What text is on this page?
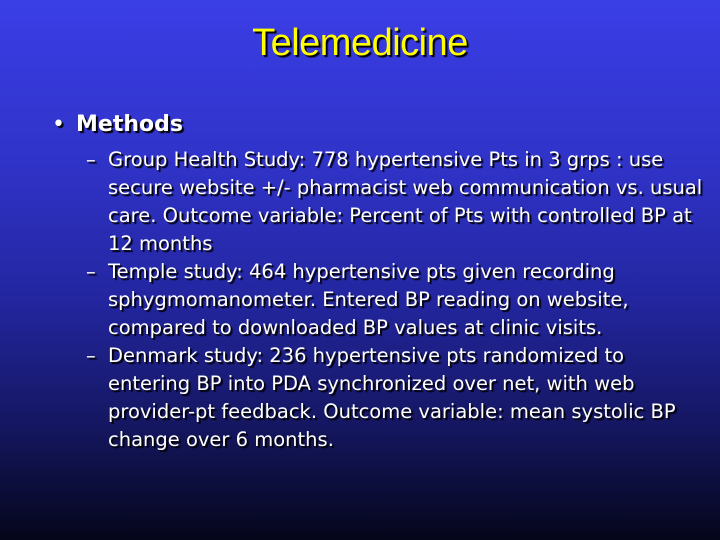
Telemedicine
• Methods
– Group Health Study: 778 hypertensive Pts in 3 grps : use secure website +/- pharmacist web communication vs. usual care. Outcome variable: Percent of Pts with controlled BP at 12 months
– Temple study: 464 hypertensive pts given recording sphygmomanometer. Entered BP reading on website, compared to downloaded BP values at clinic visits.
– Denmark study: 236 hypertensive pts randomized to entering BP into PDA synchronized over net, with web provider-pt feedback. Outcome variable: mean systolic BP change over 6 months.
